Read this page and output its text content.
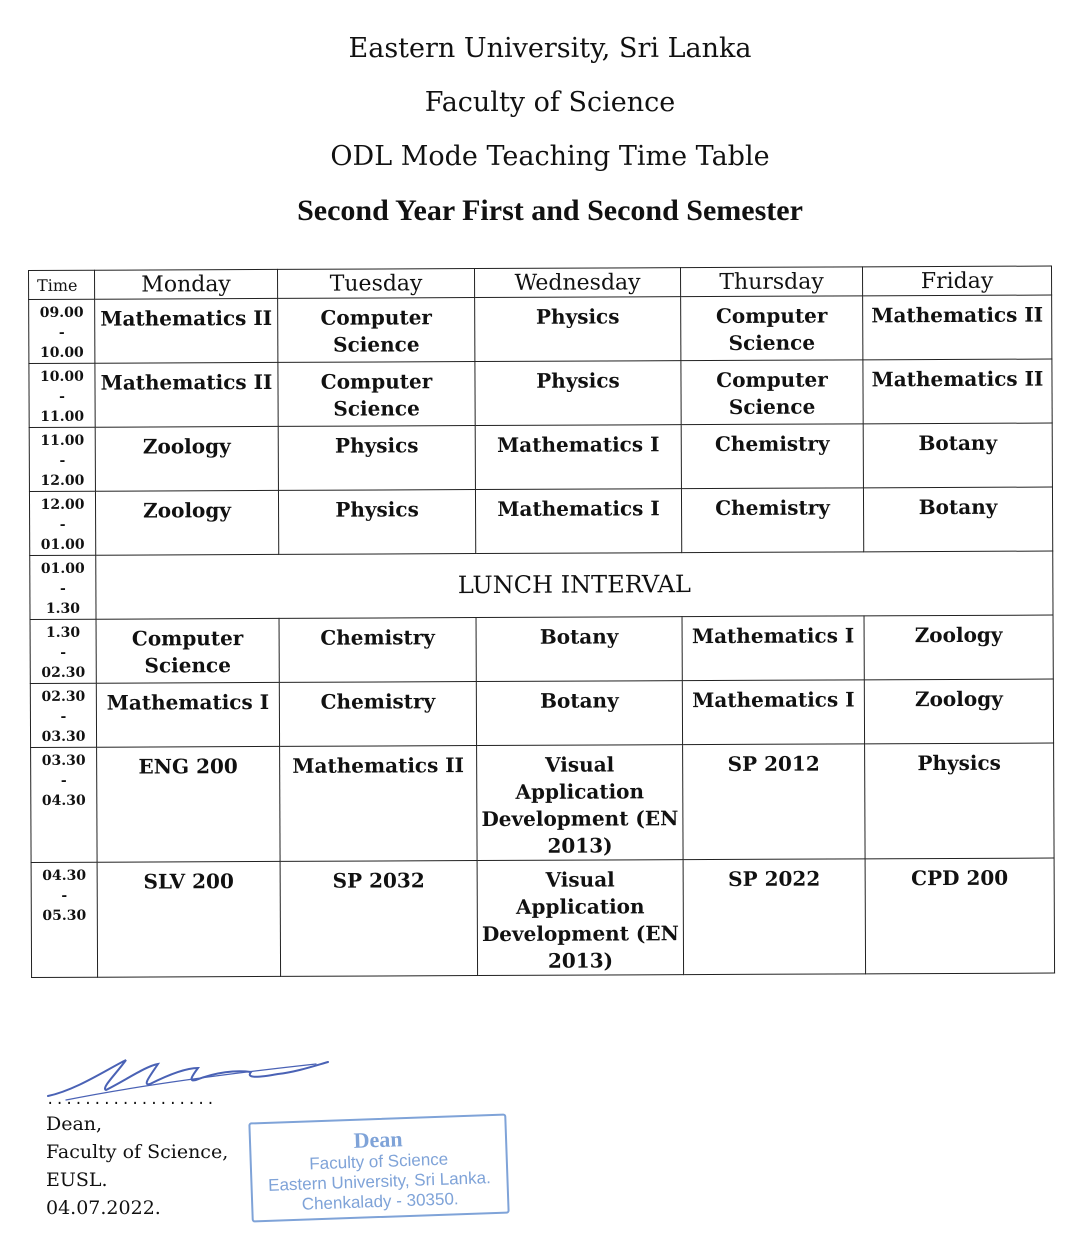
Eastern University, Sri Lanka
Faculty of Science
ODL Mode Teaching Time Table
Second Year First and Second Semester
Time	Monday	Tuesday	Wednesday	Thursday	Friday

09.00
-
10.00	Mathematics II	Computer Science	Physics	Computer Science	Mathematics II

10.00
-
11.00	Mathematics II	Computer Science	Physics	Computer Science	Mathematics II

11.00
-
12.00	Zoology	Physics	Mathematics I	Chemistry	Botany

12.00
-
01.00	Zoology	Physics	Mathematics I	Chemistry	Botany

01.00
-
1.30	LUNCH INTERVAL				

1.30
-
02.30	Computer Science	Chemistry	Botany	Mathematics I	Zoology

02.30
-
03.30	Mathematics I	Chemistry	Botany	Mathematics I	Zoology

03.30
-
04.30	ENG 200	Mathematics II	Visual Application Development (EN 2013)	SP 2012	Physics

04.30
-
05.30	SLV 200	SP 2032	Visual Application Development (EN 2013)	SP 2022	CPD 200
..................
Dean,
Faculty of Science,
EUSL.
04.07.2022.
Dean
Faculty of Science
Eastern University, Sri Lanka.
Chenkalady - 30350.
